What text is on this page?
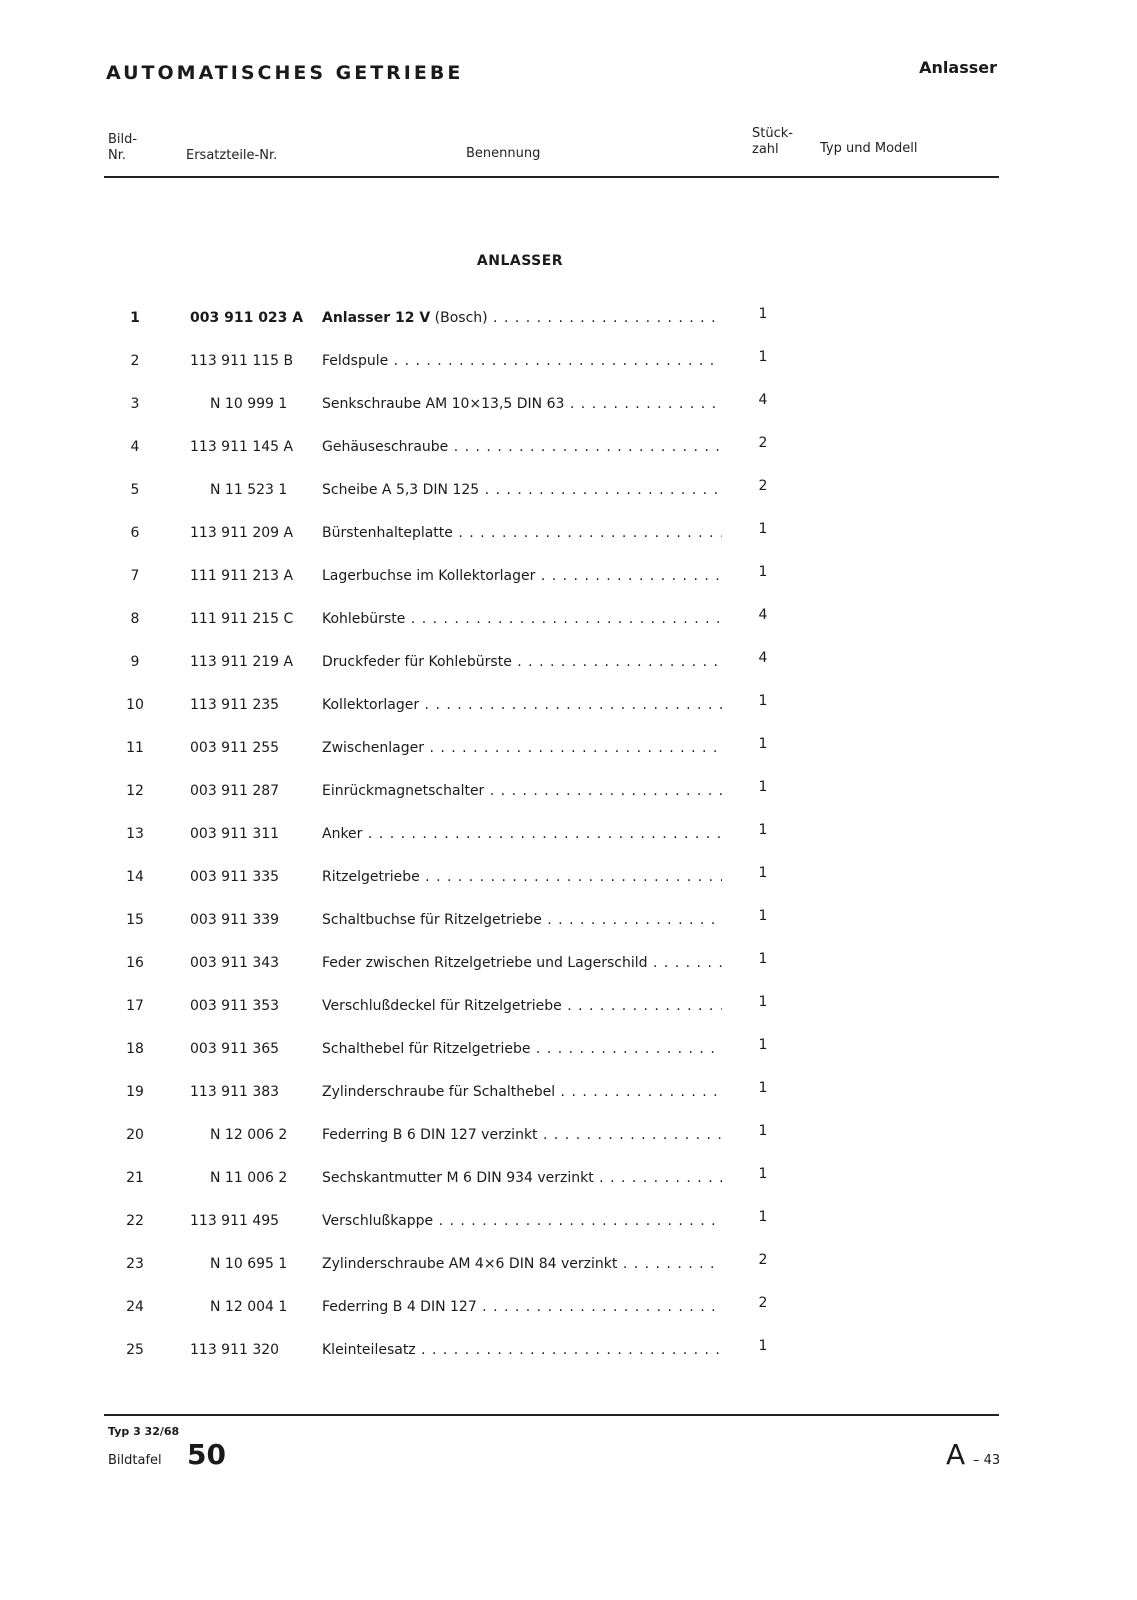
AUTOMATISCHES GETRIEBE	Anlasser
Bild-
Nr.	Ersatzteile-Nr.	Benennung
Stück-
zahl	Typ und Modell
ANLASSER
1	003 911 023 A Anlasser 12 V (Bosch) . . .	1
2	113 911 115 B	Feldspule . . .	1
3	N 10 999 1	Senkschraube AM 10×13,5 DIN 63 . . .	4
4	113 911 145 A	Gehäuseschraube . . .	2
5	N 11 523 1	Scheibe A 5,3 DIN 125 . . .	2
6	113 911 209 A	Bürstenhalteplatte . . .	1
7	111 911 213 A	Lagerbuchse im Kollektorlager . . .	1
8	111 911 215 C	Kohlebürste . . .	4
9	113 911 219 A	Druckfeder für Kohlebürste . . .	4
10	113 911 235	Kollektorlager . . .	1
11	003 911 255	Zwischenlager . . .	1
12	003 911 287	Einrückmagnetschalter . . .	1
13	003 911 311	Anker . . .	1
14	003 911 335	Ritzelgetriebe . . .	1
15	003 911 339	Schaltbuchse für Ritzelgetriebe . . .	1
16	003 911 343	Feder zwischen Ritzelgetriebe und Lagerschild . . .	1
17	003 911 353	Verschlußdeckel für Ritzelgetriebe . . .	1
18	003 911 365	Schalthebel für Ritzelgetriebe . . .	1
19	113 911 383	Zylinderschraube für Schalthebel . . .	1
20	N 12 006 2	Federring B 6 DIN 127 verzinkt . . .	1
21	N 11 006 2	Sechskantmutter M 6 DIN 934 verzinkt . . .	1
22	113 911 495	Verschlußkappe . . .	1
23	N 10 695 1	Zylinderschraube AM 4×6 DIN 84 verzinkt . . .	2
24	N 12 004 1	Federring B 4 DIN 127 . . .	2
25	113 911 320	Kleinteilesatz . . .	1
Typ 3 32/68
Bildtafel 50	A – 43
